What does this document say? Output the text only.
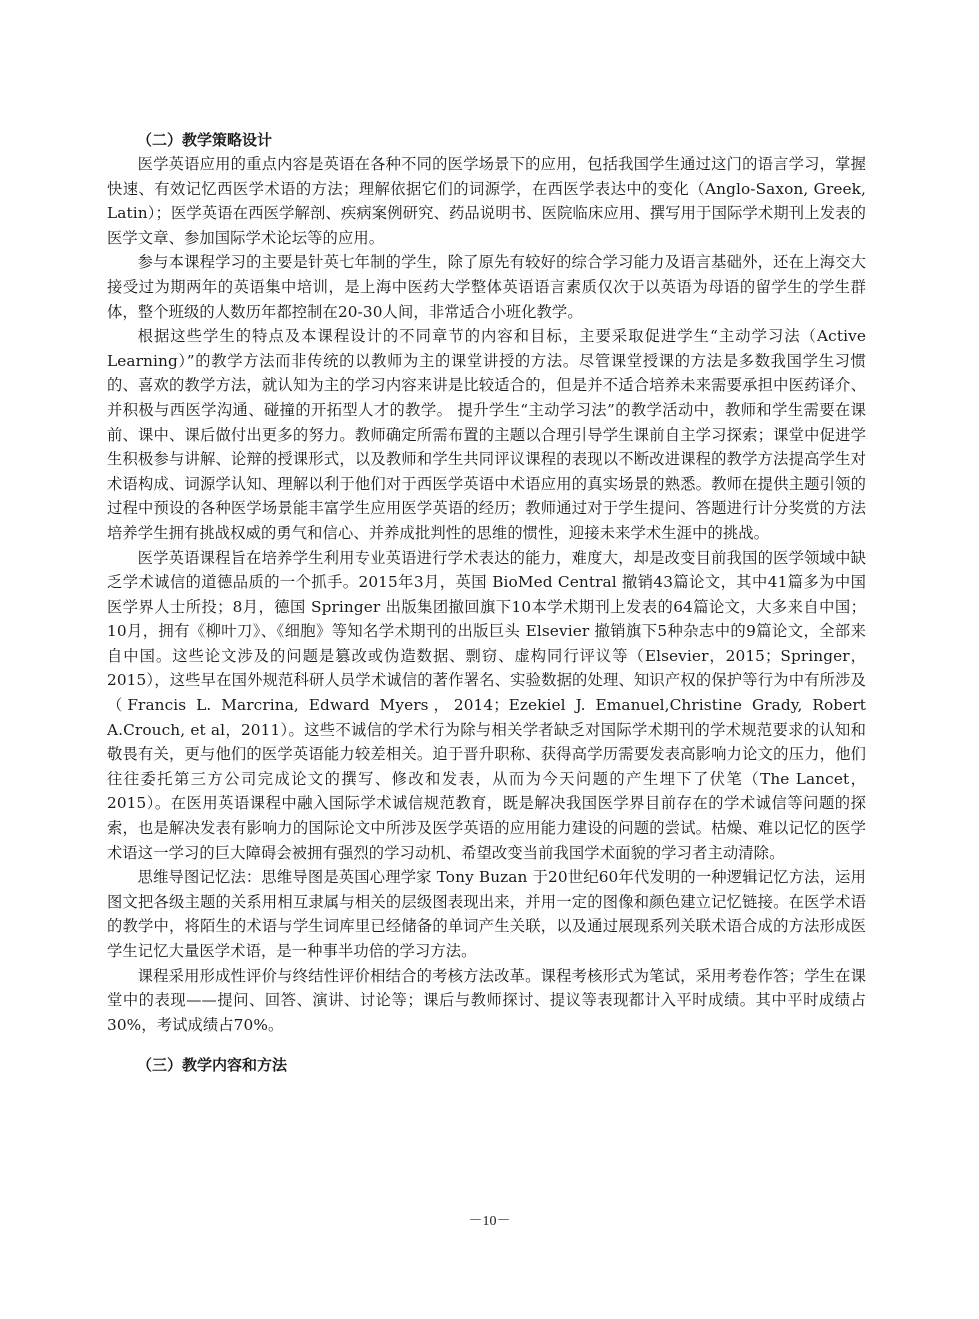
（二）教学策略设计

医学英语应用的重点内容是英语在各种不同的医学场景下的应用，包括我国学生通过这门的语言学习，掌握快速、有效记忆西医学术语的方法；理解依据它们的词源学，在西医学表达中的变化（Anglo-Saxon, Greek, Latin）；医学英语在西医学解剖、疾病案例研究、药品说明书、医院临床应用、撰写用于国际学术期刊上发表的医学文章、参加国际学术论坛等的应用。

参与本课程学习的主要是针英七年制的学生，除了原先有较好的综合学习能力及语言基础外，还在上海交大接受过为期两年的英语集中培训，是上海中医药大学整体英语语言素质仅次于以英语为母语的留学生的学生群体，整个班级的人数历年都控制在20-30人间，非常适合小班化教学。

根据这些学生的特点及本课程设计的不同章节的内容和目标，主要采取促进学生“主动学习法（Active Learning）”的教学方法而非传统的以教师为主的课堂讲授的方法。尽管课堂授课的方法是多数我国学生习惯的、喜欢的教学方法，就认知为主的学习内容来讲是比较适合的，但是并不适合培养未来需要承担中医药译介、并积极与西医学沟通、碰撞的开拓型人才的教学。 提升学生“主动学习法”的教学活动中，教师和学生需要在课前、课中、课后做付出更多的努力。教师确定所需布置的主题以合理引导学生课前自主学习探索；课堂中促进学生积极参与讲解、论辩的授课形式，以及教师和学生共同评议课程的表现以不断改进课程的教学方法提高学生对术语构成、词源学认知、理解以利于他们对于西医学英语中术语应用的真实场景的熟悉。教师在提供主题引领的过程中预设的各种医学场景能丰富学生应用医学英语的经历；教师通过对于学生提问、答题进行计分奖赏的方法培养学生拥有挑战权威的勇气和信心、并养成批判性的思维的惯性，迎接未来学术生涯中的挑战。

医学英语课程旨在培养学生利用专业英语进行学术表达的能力，难度大，却是改变目前我国的医学领域中缺乏学术诚信的道德品质的一个抓手。2015年3月，英国 BioMed Central 撤销43篇论文，其中41篇多为中国医学界人士所投；8月，德国 Springer 出版集团撤回旗下10本学术期刊上发表的64篇论文，大多来自中国；10月，拥有《柳叶刀》、《细胞》等知名学术期刊的出版巨头 Elsevier 撤销旗下5种杂志中的9篇论文，全部来自中国。这些论文涉及的问题是篡改或伪造数据、剽窃、虚构同行评议等（Elsevier，2015；Springer，2015），这些早在国外规范科研人员学术诚信的著作署名、实验数据的处理、知识产权的保护等行为中有所涉及（Francis L. Marcrina, Edward Myers，2014；Ezekiel J. Emanuel,Christine Grady, Robert A.Crouch, et al，2011）。这些不诚信的学术行为除与相关学者缺乏对国际学术期刊的学术规范要求的认知和敬畏有关，更与他们的医学英语能力较差相关。迫于晋升职称、获得高学历需要发表高影响力论文的压力，他们往往委托第三方公司完成论文的撰写、修改和发表，从而为今天问题的产生埋下了伏笔（The Lancet，2015）。在医用英语课程中融入国际学术诚信规范教育，既是解决我国医学界目前存在的学术诚信等问题的探索，也是解决发表有影响力的国际论文中所涉及医学英语的应用能力建设的问题的尝试。枯燥、难以记忆的医学术语这一学习的巨大障碍会被拥有强烈的学习动机、希望改变当前我国学术面貌的学习者主动清除。

思维导图记忆法：思维导图是英国心理学家 Tony Buzan 于20世纪60年代发明的一种逻辑记忆方法，运用图文把各级主题的关系用相互隶属与相关的层级图表现出来，并用一定的图像和颜色建立记忆链接。在医学术语的教学中，将陌生的术语与学生词库里已经储备的单词产生关联，以及通过展现系列关联术语合成的方法形成医学生记忆大量医学术语，是一种事半功倍的学习方法。

课程采用形成性评价与终结性评价相结合的考核方法改革。课程考核形式为笔试，采用考卷作答；学生在课堂中的表现——提问、回答、演讲、讨论等；课后与教师探讨、提议等表现都计入平时成绩。其中平时成绩占30%，考试成绩占70%。

（三）教学内容和方法

－10－
